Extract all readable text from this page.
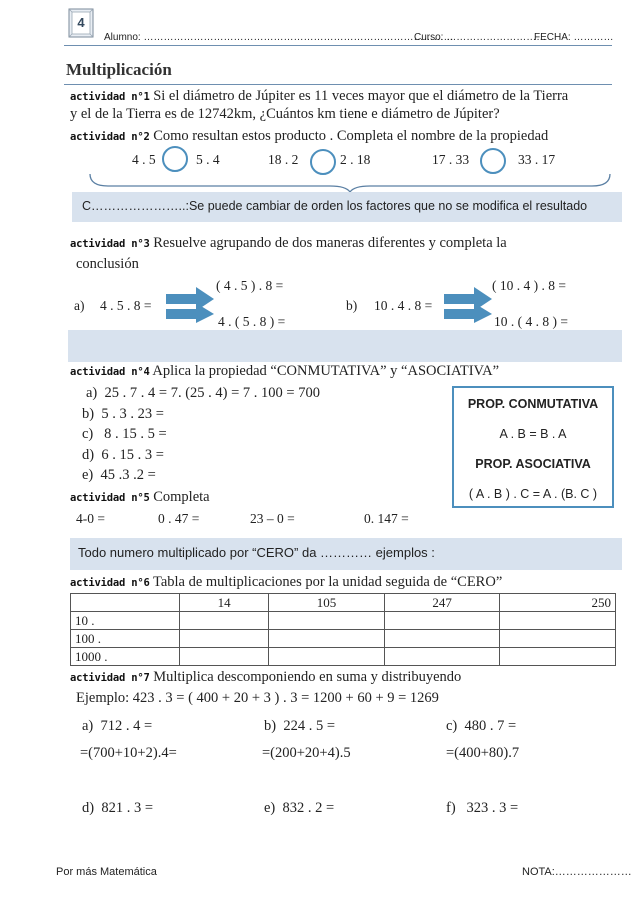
4
Alumno: …………………………………………………………………………………
Curso: …………………………
FECHA: …………
Multiplicación
actividad n°1 Si el diámetro de Júpiter es 11 veces mayor que el diámetro de la Tierra
y el de la Tierra es de 12742km, ¿Cuántos km tiene e diámetro de Júpiter?
actividad n°2 Como resultan estos producto . Completa el nombre de la propiedad
4 . 5	5 . 4	18 . 2	2 . 18	17 . 33	33 . 17
C…………………..:Se puede cambiar de orden los factores que no se modifica el resultado
actividad n°3 Resuelve agrupando de dos maneras diferentes y completa la
conclusión
( 4 . 5 ) . 8 =
a) 4 . 5 . 8 =
4 . ( 5 . 8 ) =
( 10 . 4 ) . 8 =
b) 10 . 4 . 8 =
10 . ( 4 . 8 ) =
actividad n°4 Aplica la propiedad “CONMUTATIVA” y “ASOCIATIVA”
a) 25 . 7 . 4 = 7. (25 . 4) = 7 . 100 = 700
b) 5 . 3 . 23 =
c) 8 . 15 . 5 =
d) 6 . 15 . 3 =
e) 45 .3 .2 =
PROP. CONMUTATIVA
A . B = B . A
PROP. ASOCIATIVA
( A . B ) . C = A . (B. C )
actividad n°5 Completa
4-0 =	0 . 47 =	23 – 0 =	0. 147 =
Todo numero multiplicado por “CERO” da ………… ejemplos :
actividad n°6 Tabla de multiplicaciones por la unidad seguida de “CERO”
	14	105	247	250
10 .				
100 .				
1000 .				
actividad n°7 Multiplica descomponiendo en suma y distribuyendo
Ejemplo: 423 . 3 = ( 400 + 20 + 3 ) . 3 = 1200 + 60 + 9 = 1269
a)  712 . 4 =	b)  224 . 5 =	c)  480 . 7 =
=(700+10+2).4=	=(200+20+4).5	=(400+80).7
d)  821 . 3 =	e)  832 . 2 =	f)   323 . 3 =
Por más Matemática	NOTA:…………………
